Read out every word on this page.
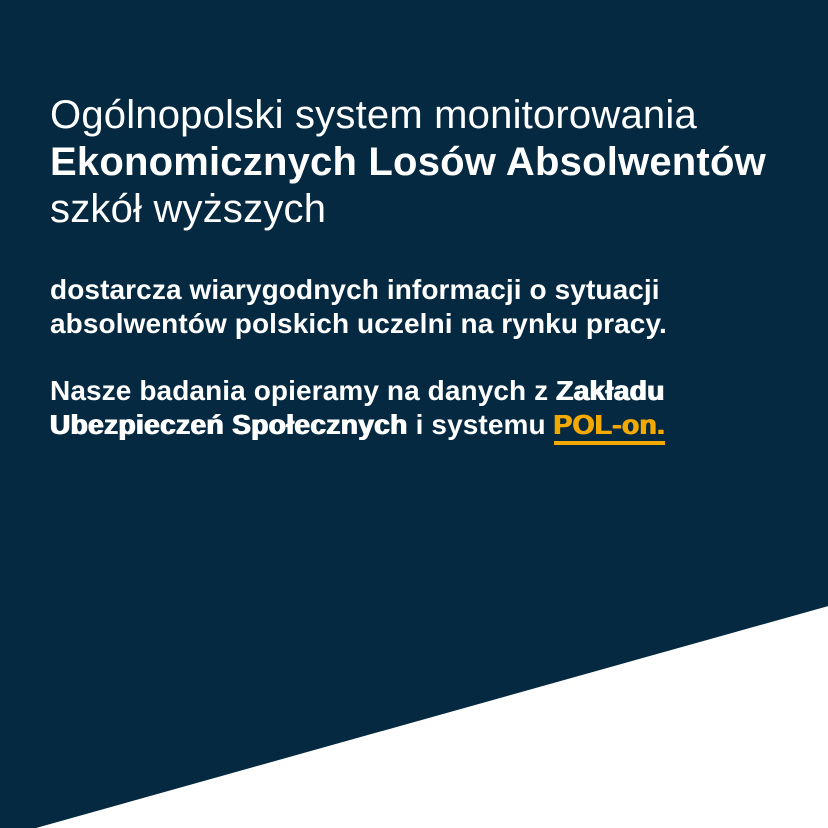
Ogólnopolski system monitorowania
Ekonomicznych Losów Absolwentów
szkół wyższych

dostarcza wiarygodnych informacji o sytuacji absolwentów polskich uczelni na rynku pracy.

Nasze badania opieramy na danych z Zakładu Ubezpieczeń Społecznych i systemu POL-on.
